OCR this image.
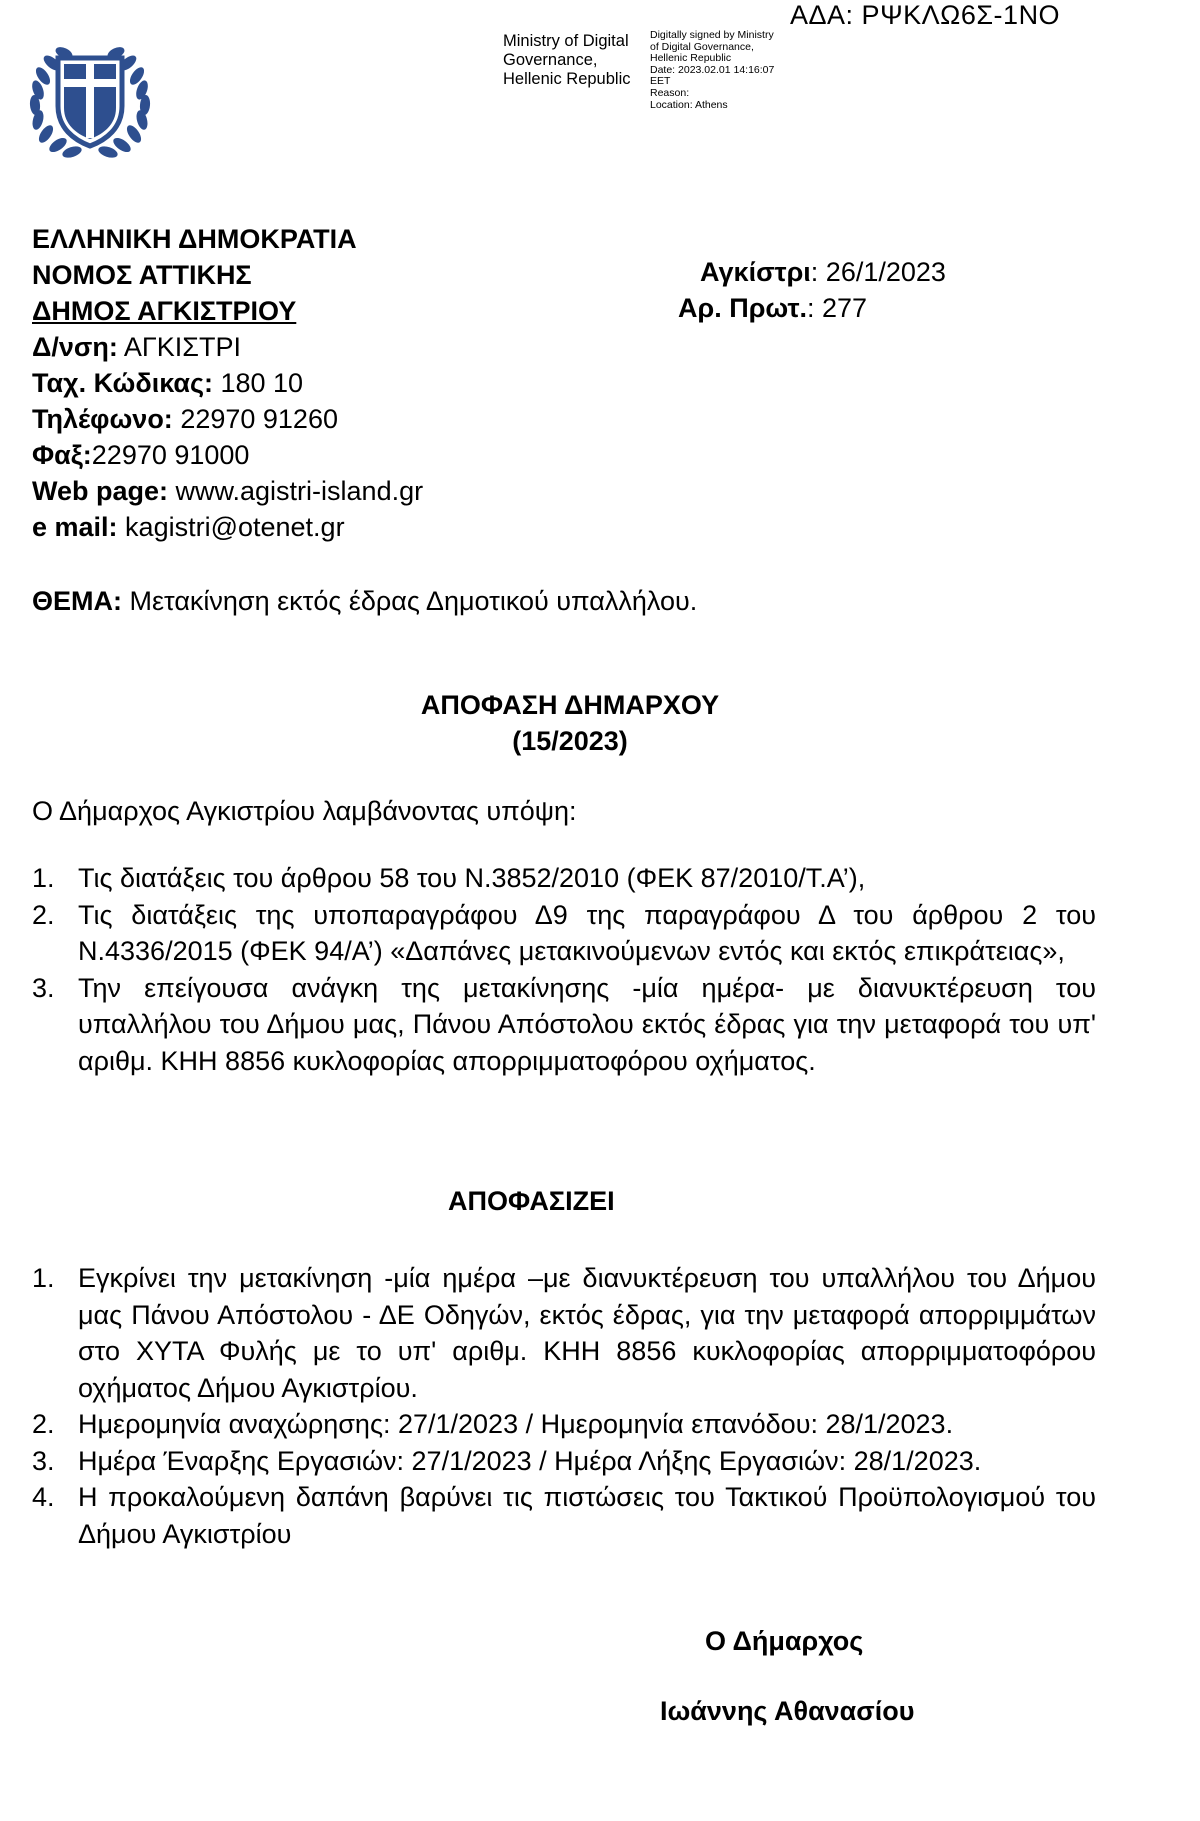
ΑΔΑ: ΡΨΚΛΩ6Σ-1ΝΟ
Ministry of Digital
Governance,
Hellenic Republic
Digitally signed by Ministry
of Digital Governance,
Hellenic Republic
Date: 2023.02.01 14:16:07
EET
Reason:
Location: Athens
ΕΛΛΗΝΙΚΗ ΔΗΜΟΚΡΑΤΙΑ
ΝΟΜΟΣ ΑΤΤΙΚΗΣ
ΔΗΜΟΣ ΑΓΚΙΣΤΡΙΟΥ
Δ/νση: ΑΓΚΙΣΤΡΙ
Ταχ. Κώδικας: 180 10
Τηλέφωνο: 22970 91260
Φαξ:22970 91000
Web page: www.agistri-island.gr
e mail: kagistri@otenet.gr
Αγκίστρι: 26/1/2023
Αρ. Πρωτ.: 277
ΘΕΜΑ: Μετακίνηση εκτός έδρας Δημοτικού υπαλλήλου.
ΑΠΟΦΑΣΗ ΔΗΜΑΡΧΟΥ
(15/2023)
Ο Δήμαρχος Αγκιστρίου λαμβάνοντας υπόψη:
1. Τις διατάξεις του άρθρου 58 του Ν.3852/2010 (ΦΕΚ 87/2010/Τ.Α’),
2. Τις διατάξεις της υποπαραγράφου Δ9 της παραγράφου Δ του άρθρου 2 του Ν.4336/2015 (ΦΕΚ 94/Α’) «Δαπάνες μετακινούμενων εντός και εκτός επικράτειας»,
3. Την επείγουσα ανάγκη της μετακίνησης -μία ημέρα- με διανυκτέρευση του υπαλλήλου του Δήμου μας, Πάνου Απόστολου εκτός έδρας για την μεταφορά του υπ' αριθμ. ΚΗΗ 8856 κυκλοφορίας απορριμματοφόρου οχήματος.
ΑΠΟΦΑΣΙΖΕΙ
1. Εγκρίνει την μετακίνηση -μία ημέρα –με διανυκτέρευση του υπαλλήλου του Δήμου μας Πάνου Απόστολου - ΔΕ Οδηγών, εκτός έδρας, για την μεταφορά απορριμμάτων στο ΧΥΤΑ Φυλής με το υπ' αριθμ. ΚΗΗ 8856 κυκλοφορίας απορριμματοφόρου οχήματος Δήμου Αγκιστρίου.
2. Ημερομηνία αναχώρησης: 27/1/2023 / Ημερομηνία επανόδου: 28/1/2023.
3. Ημέρα Έναρξης Εργασιών: 27/1/2023 / Ημέρα Λήξης Εργασιών: 28/1/2023.
4. Η προκαλούμενη δαπάνη βαρύνει τις πιστώσεις του Τακτικού Προϋπολογισμού του Δήμου Αγκιστρίου
Ο Δήμαρχος
Ιωάννης Αθανασίου
